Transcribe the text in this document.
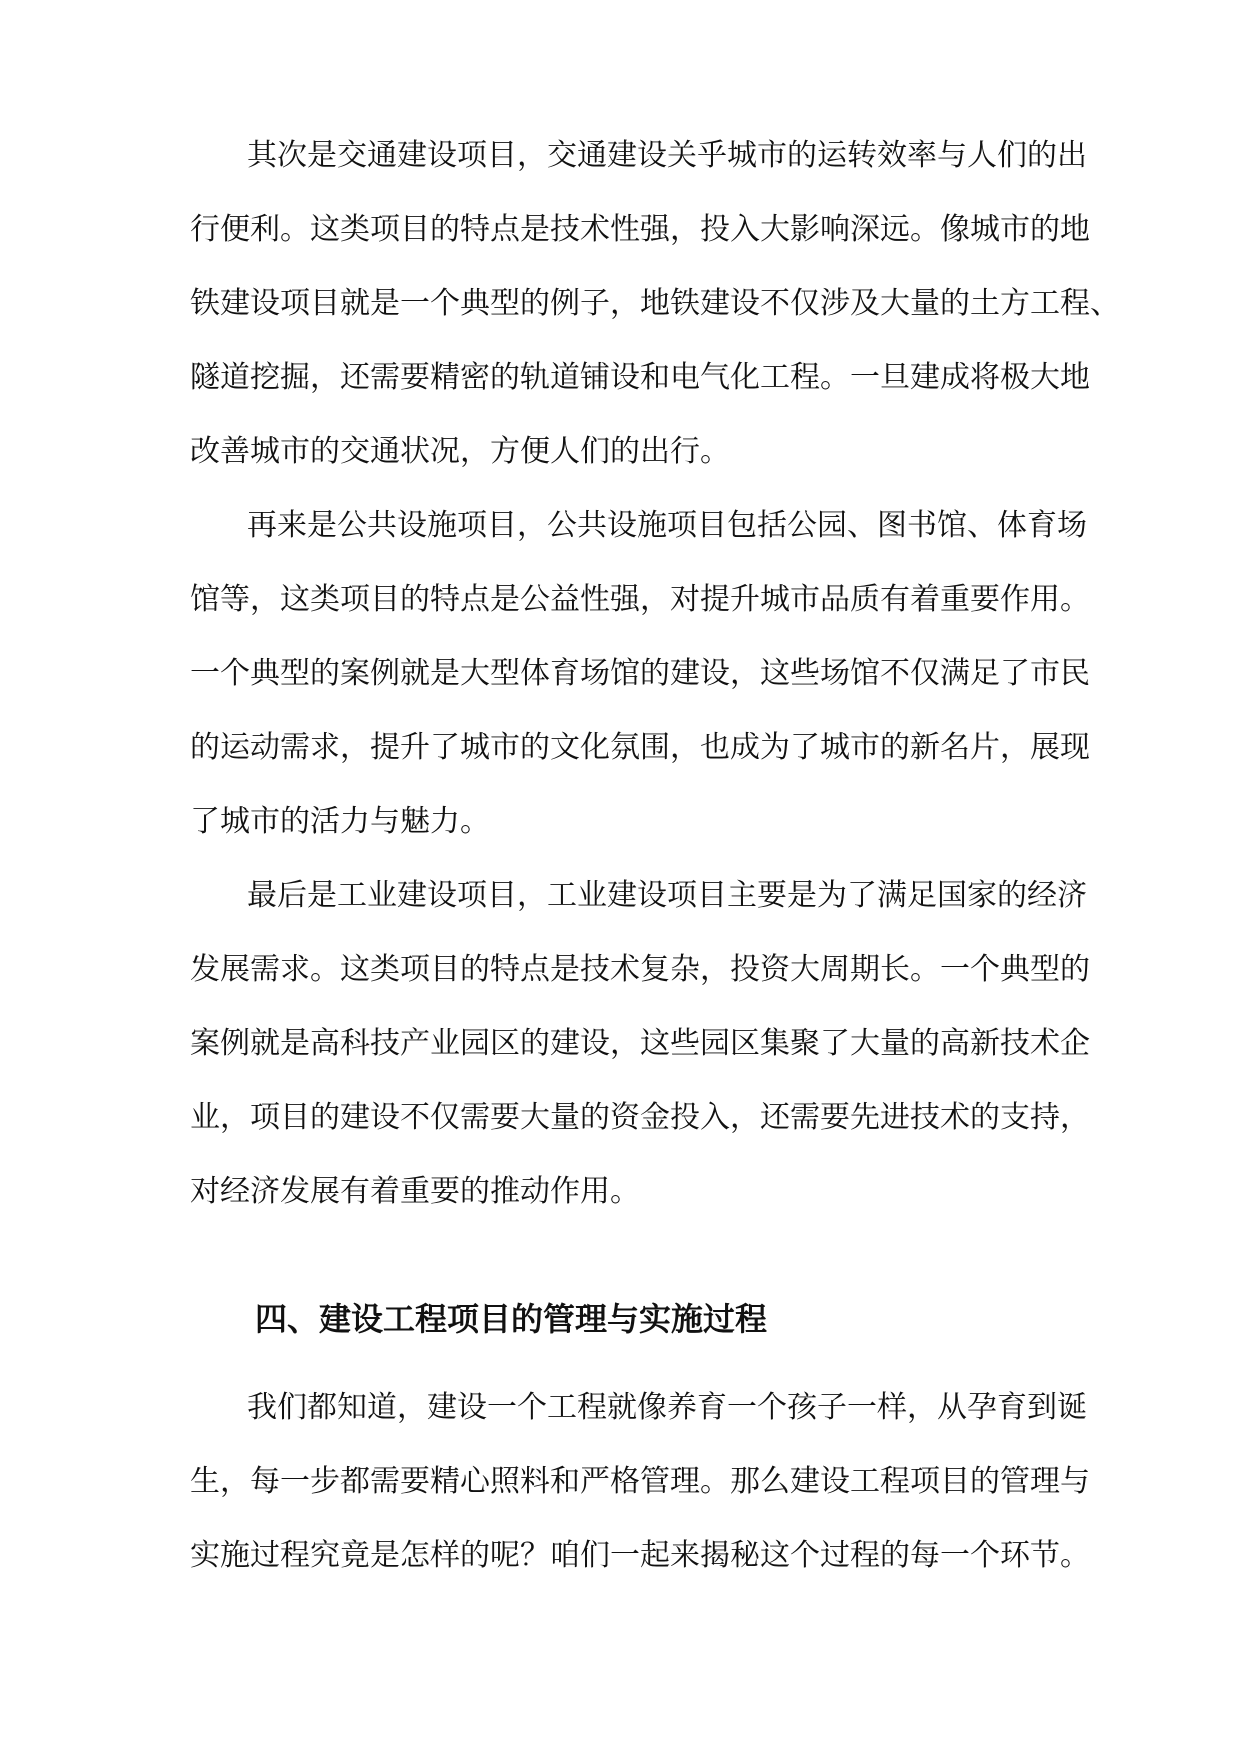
其次是交通建设项目，交通建设关乎城市的运转效率与人们的出
行便利。这类项目的特点是技术性强，投入大影响深远。像城市的地
铁建设项目就是一个典型的例子，地铁建设不仅涉及大量的土方工程、
隧道挖掘，还需要精密的轨道铺设和电气化工程。一旦建成将极大地
改善城市的交通状况，方便人们的出行。
再来是公共设施项目，公共设施项目包括公园、图书馆、体育场
馆等，这类项目的特点是公益性强，对提升城市品质有着重要作用。
一个典型的案例就是大型体育场馆的建设，这些场馆不仅满足了市民
的运动需求，提升了城市的文化氛围，也成为了城市的新名片，展现
了城市的活力与魅力。
最后是工业建设项目，工业建设项目主要是为了满足国家的经济
发展需求。这类项目的特点是技术复杂，投资大周期长。一个典型的
案例就是高科技产业园区的建设，这些园区集聚了大量的高新技术企
业，项目的建设不仅需要大量的资金投入，还需要先进技术的支持，
对经济发展有着重要的推动作用。
四、建设工程项目的管理与实施过程
我们都知道，建设一个工程就像养育一个孩子一样，从孕育到诞
生，每一步都需要精心照料和严格管理。那么建设工程项目的管理与
实施过程究竟是怎样的呢？咱们一起来揭秘这个过程的每一个环节。
